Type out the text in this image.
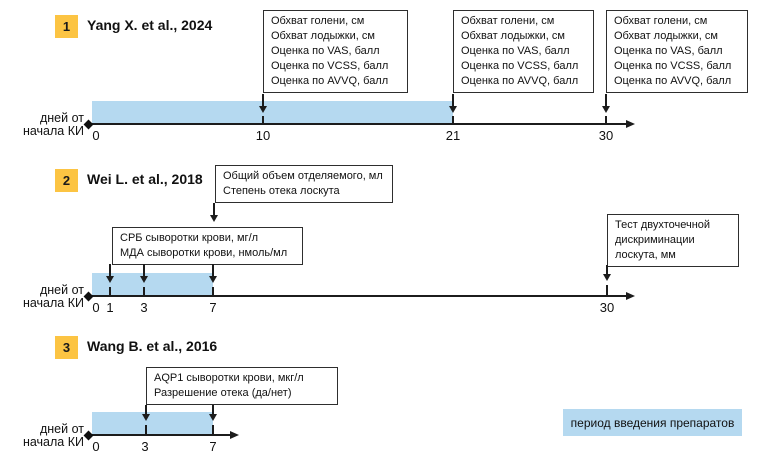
1	Yang X. et al., 2024	Обхват голени, см
Обхват лодыжки, см
Оценка по VAS, балл
Оценка по VCSS, балл
Оценка по AVVQ, балл
Обхват голени, см
Обхват лодыжки, см
Оценка по VAS, балл
Оценка по VCSS, балл
Оценка по AVVQ, балл
Обхват голени, см
Обхват лодыжки, см
Оценка по VAS, балл
Оценка по VCSS, балл
Оценка по AVVQ, балл
0	10	21	30
дней от
начала КИ
2	Wei L. et al., 2018 Общий объем отделяемого, мл
Степень отека лоскута
СРБ сыворотки крови, мг/л
МДА сыворотки крови, нмоль/мл
Тест двухточечной
дискриминации
лоскута, мм
0 1 3	7	30
дней от
начала КИ
3	Wang B. et al., 2016
AQP1 сыворотки крови, мкг/л
Разрешение отека (да/нет)
0	3	7
дней от
начала КИ
период введения препаратов
